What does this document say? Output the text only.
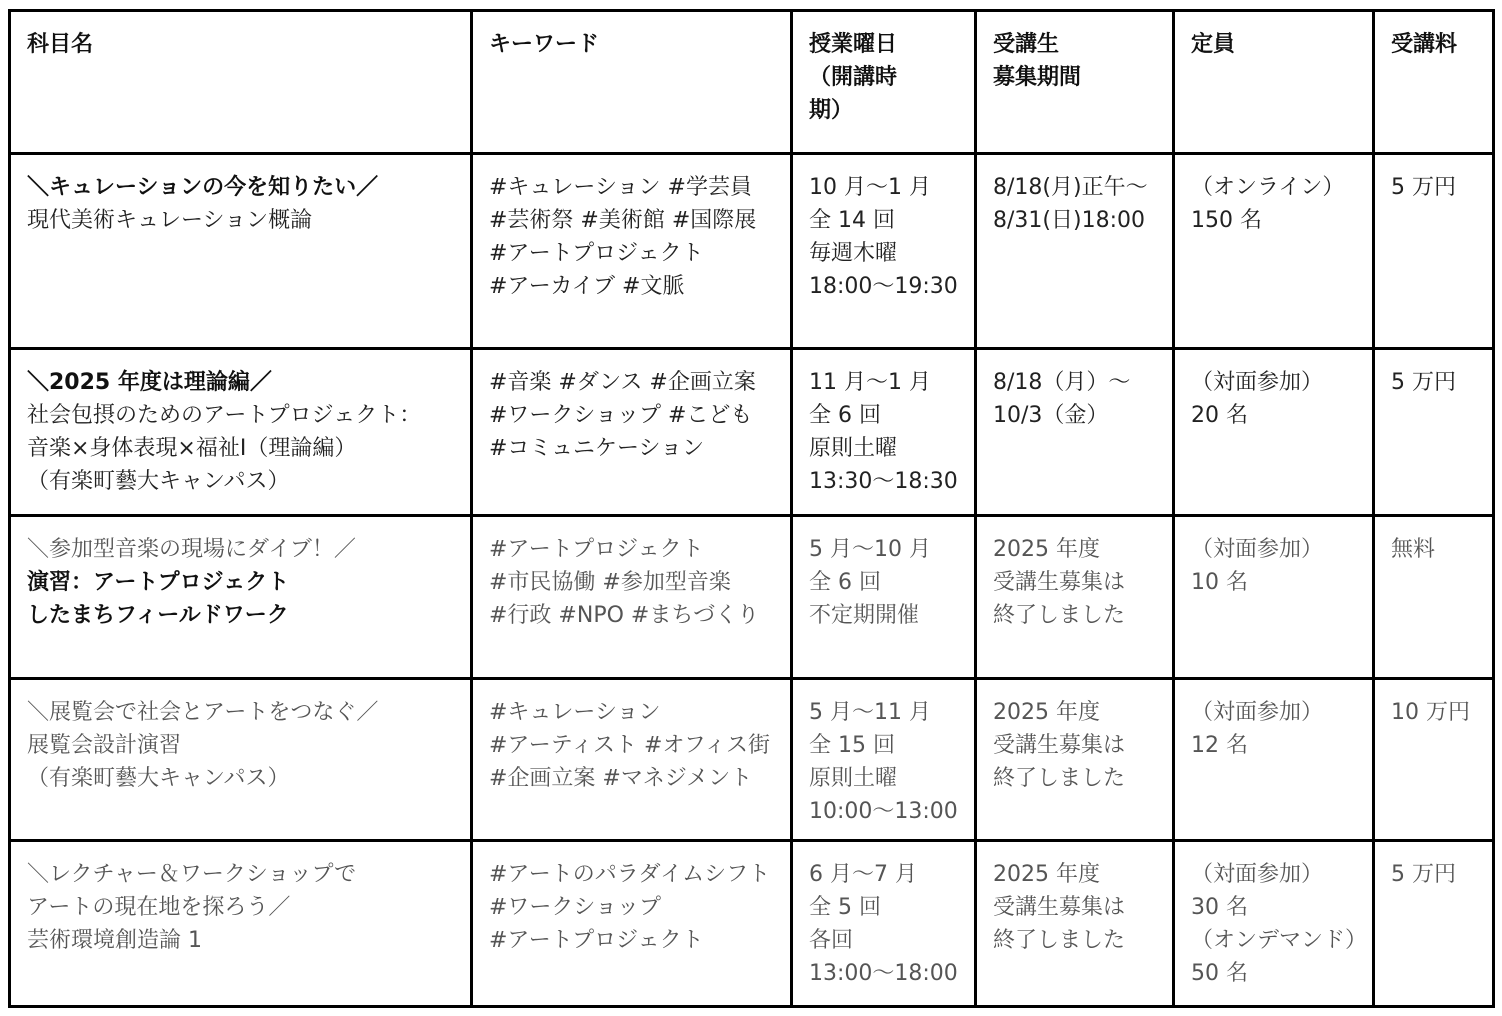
科目名	キーワード	授業曜日
（開講時
期）	受講生
募集期間	定員	受講料

＼キュレーションの今を知りたい／
現代美術キュレーション概論	#キュレーション #学芸員
#芸術祭 #美術館 #国際展
#アートプロジェクト
#アーカイブ #文脈	10 月～1 月
全 14 回
毎週木曜
18:00～19:30	8/18(月)正午～
8/31(日)18:00	（オンライン）
150 名	5 万円

＼2025 年度は理論編／
社会包摂のためのアートプロジェクト：
音楽×身体表現×福祉Ⅰ（理論編）
（有楽町藝大キャンパス）	#音楽 #ダンス #企画立案
#ワークショップ #こども
#コミュニケーション	11 月～1 月
全 6 回
原則土曜
13:30～18:30	8/18（月）～
10/3（金）	（対面参加）
20 名	5 万円

＼参加型音楽の現場にダイブ！／
演習：アートプロジェクト
したまちフィールドワーク	#アートプロジェクト
#市民協働 #参加型音楽
#行政 #NPO #まちづくり	5 月～10 月
全 6 回
不定期開催	2025 年度
受講生募集は
終了しました	（対面参加）
10 名	無料

＼展覧会で社会とアートをつなぐ／
展覧会設計演習
（有楽町藝大キャンパス）	#キュレーション
#アーティスト #オフィス街
#企画立案 #マネジメント	5 月～11 月
全 15 回
原則土曜
10:00～13:00	2025 年度
受講生募集は
終了しました	（対面参加）
12 名	10 万円

＼レクチャー＆ワークショップで
アートの現在地を探ろう／
芸術環境創造論 1	#アートのパラダイムシフト
#ワークショップ
#アートプロジェクト	6 月～7 月
全 5 回
各回
13:00～18:00	2025 年度
受講生募集は
終了しました	（対面参加）
30 名
（オンデマンド）
50 名	5 万円
